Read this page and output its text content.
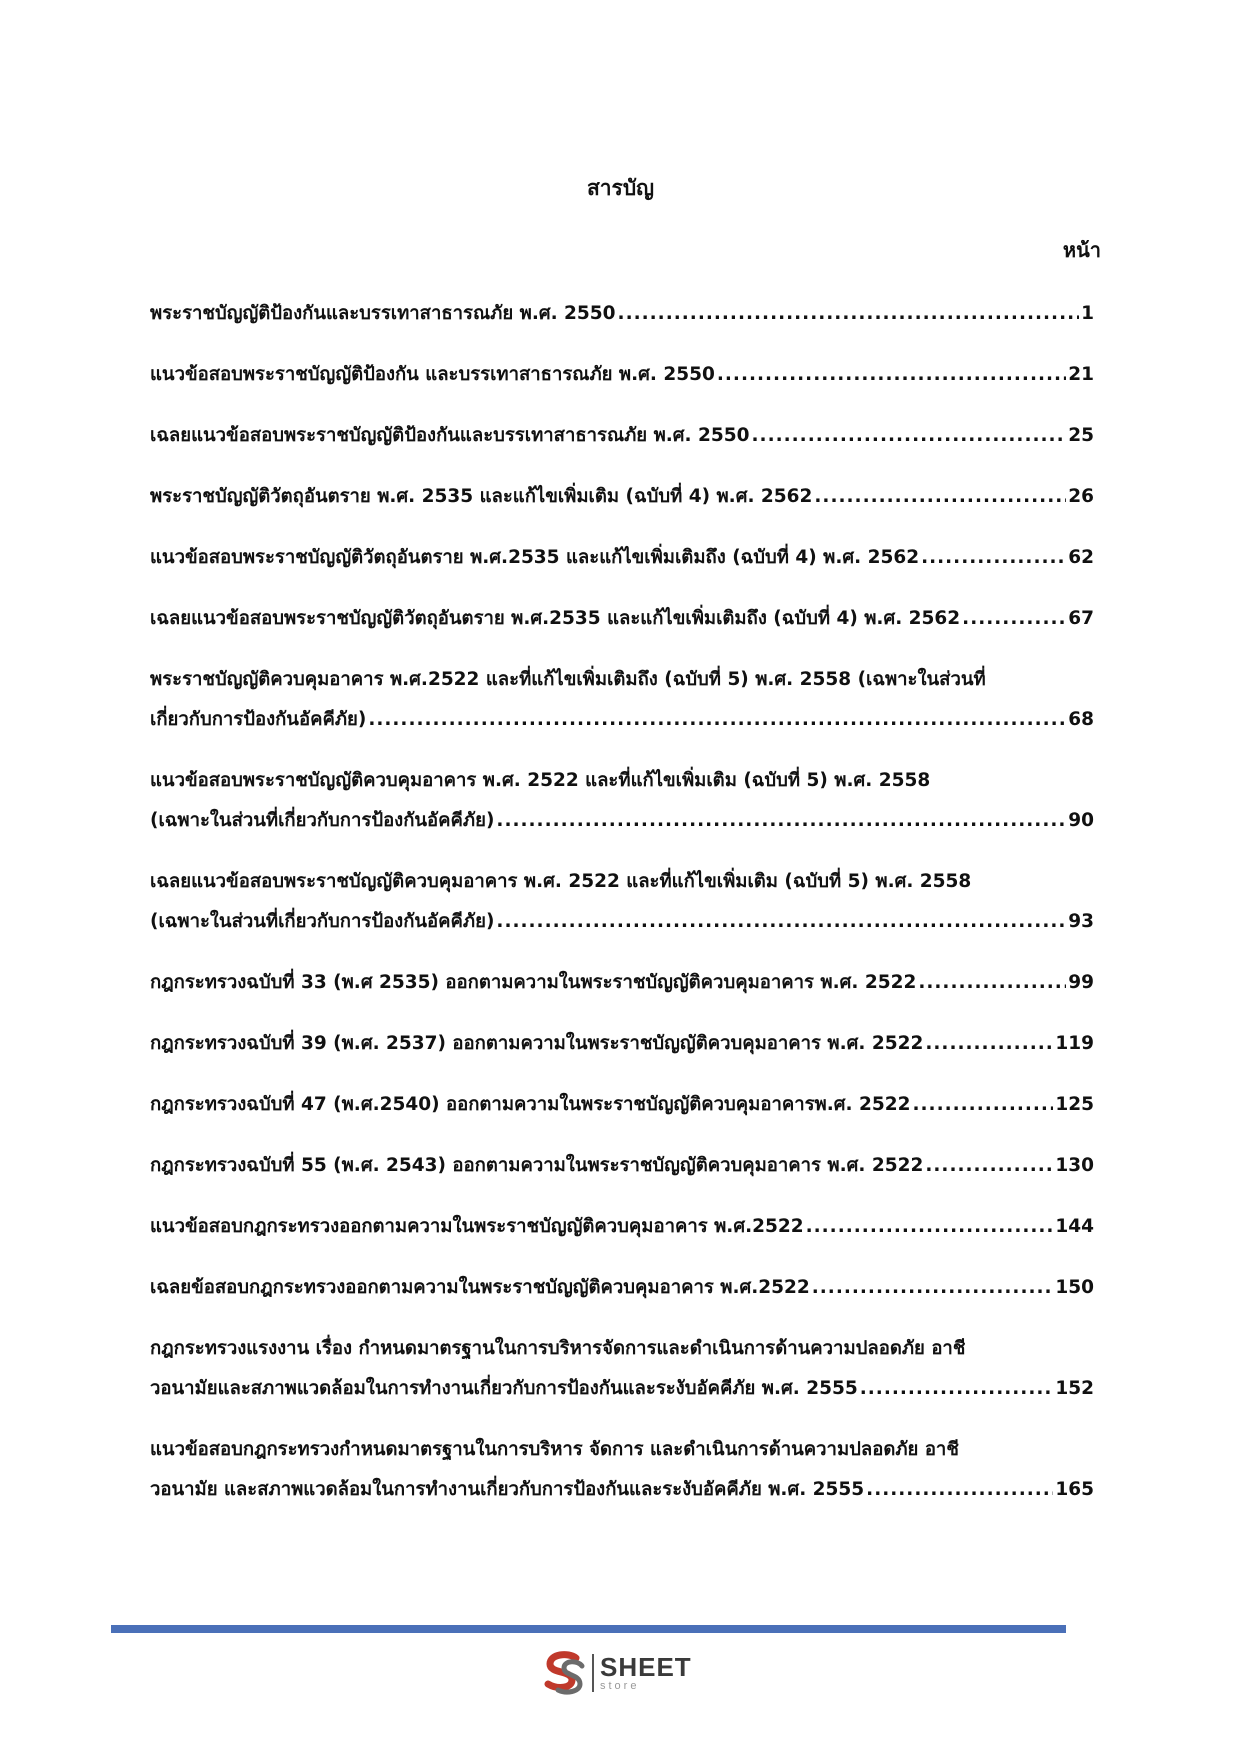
สารบัญ
หน้า
พระราชบัญญัติป้องกันและบรรเทาสาธารณภัย พ.ศ. 2550 .....	1
แนวข้อสอบพระราชบัญญัติป้องกัน และบรรเทาสาธารณภัย พ.ศ. 2550 .....	21
เฉลยแนวข้อสอบพระราชบัญญัติป้องกันและบรรเทาสาธารณภัย พ.ศ. 2550 .....	25
พระราชบัญญัติวัตถุอันตราย พ.ศ. 2535 และแก้ไขเพิ่มเติม (ฉบับที่ 4) พ.ศ. 2562 .....	26
แนวข้อสอบพระราชบัญญัติวัตถุอันตราย พ.ศ.2535 และแก้ไขเพิ่มเติมถึง (ฉบับที่ 4) พ.ศ. 2562 .....	62
เฉลยแนวข้อสอบพระราชบัญญัติวัตถุอันตราย พ.ศ.2535 และแก้ไขเพิ่มเติมถึง (ฉบับที่ 4) พ.ศ. 2562 .....	67
พระราชบัญญัติควบคุมอาคาร พ.ศ.2522 และที่แก้ไขเพิ่มเติมถึง (ฉบับที่ 5) พ.ศ. 2558 (เฉพาะในส่วนที่
เกี่ยวกับการป้องกันอัคคีภัย) .....	68
แนวข้อสอบพระราชบัญญัติควบคุมอาคาร พ.ศ. 2522 และที่แก้ไขเพิ่มเติม (ฉบับที่ 5) พ.ศ. 2558
(เฉพาะในส่วนที่เกี่ยวกับการป้องกันอัคคีภัย) .....	90
เฉลยแนวข้อสอบพระราชบัญญัติควบคุมอาคาร พ.ศ. 2522 และที่แก้ไขเพิ่มเติม (ฉบับที่ 5) พ.ศ. 2558
(เฉพาะในส่วนที่เกี่ยวกับการป้องกันอัคคีภัย) .....	93
กฎกระทรวงฉบับที่ 33 (พ.ศ 2535) ออกตามความในพระราชบัญญัติควบคุมอาคาร พ.ศ. 2522 .....	99
กฎกระทรวงฉบับที่ 39 (พ.ศ. 2537) ออกตามความในพระราชบัญญัติควบคุมอาคาร พ.ศ. 2522 .....	119
กฎกระทรวงฉบับที่ 47 (พ.ศ.2540) ออกตามความในพระราชบัญญัติควบคุมอาคารพ.ศ. 2522 .....	125
กฎกระทรวงฉบับที่ 55 (พ.ศ. 2543) ออกตามความในพระราชบัญญัติควบคุมอาคาร พ.ศ. 2522 .....	130
แนวข้อสอบกฎกระทรวงออกตามความในพระราชบัญญัติควบคุมอาคาร พ.ศ.2522 .....	144
เฉลยข้อสอบกฎกระทรวงออกตามความในพระราชบัญญัติควบคุมอาคาร พ.ศ.2522 .....	150
กฎกระทรวงแรงงาน เรื่อง กำหนดมาตรฐานในการบริหารจัดการและดำเนินการด้านความปลอดภัย อาชี
วอนามัยและสภาพแวดล้อมในการทำงานเกี่ยวกับการป้องกันและระงับอัคคีภัย พ.ศ. 2555 .....	152
แนวข้อสอบกฎกระทรวงกำหนดมาตรฐานในการบริหาร จัดการ และดำเนินการด้านความปลอดภัย อาชี
วอนามัย และสภาพแวดล้อมในการทำงานเกี่ยวกับการป้องกันและระงับอัคคีภัย พ.ศ. 2555 .....	165
SHEET
store
